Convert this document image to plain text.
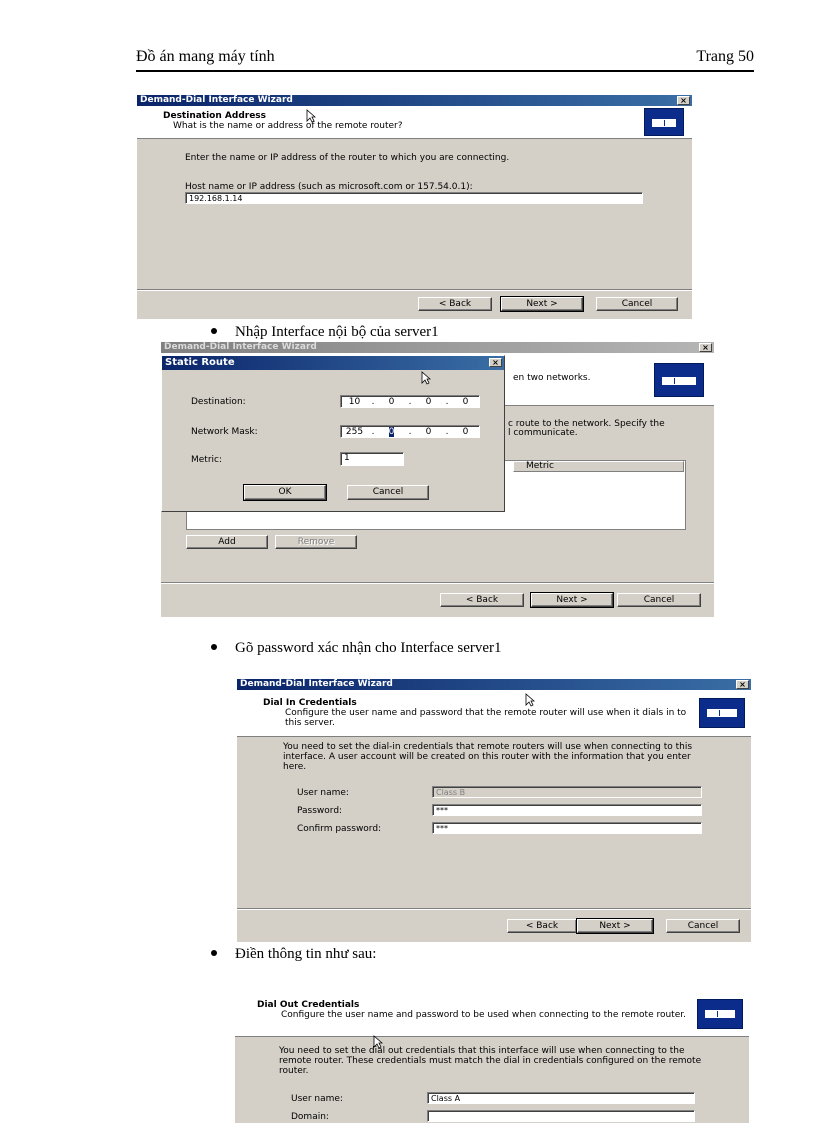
Đồ án mang máy tính	Trang 50
Demand-Dial Interface Wizard	×
Destination Address
What is the name or address of the remote router?
Enter the name or IP address of the router to which you are connecting.
Host name or IP address (such as microsoft.com or 157.54.0.1):
192.168.1.14
< Back	Next >	Cancel
Nhập Interface nội bộ của server1
Demand-Dial Interface Wizard	×
en two networks.
c route to the network. Specify the
l communicate.
Metric
Add	Remove
< Back	Next >	Cancel
Static Route	×
Destination:	10	.	0	.	0	.	0
Network Mask:	255 .	0	.	0	.	0
Metric:	1
OK	Cancel
Gõ password xác nhận cho Interface server1
Demand-Dial Interface Wizard	×
Dial In Credentials
Configure the user name and password that the remote router will use when it dials in to this server.
You need to set the dial-in credentials that remote routers will use when connecting to this interface. A user account will be created on this router with the information that you enter here.
User name:	Class B
Password:	***
Confirm password:	***
< Back	Next >	Cancel
Điền thông tin như sau:
Dial Out Credentials
Configure the user name and password to be used when connecting to the remote router.
You need to set the dial out credentials that this interface will use when connecting to the remote router. These credentials must match the dial in credentials configured on the remote router.
User name:	Class A
Domain:
